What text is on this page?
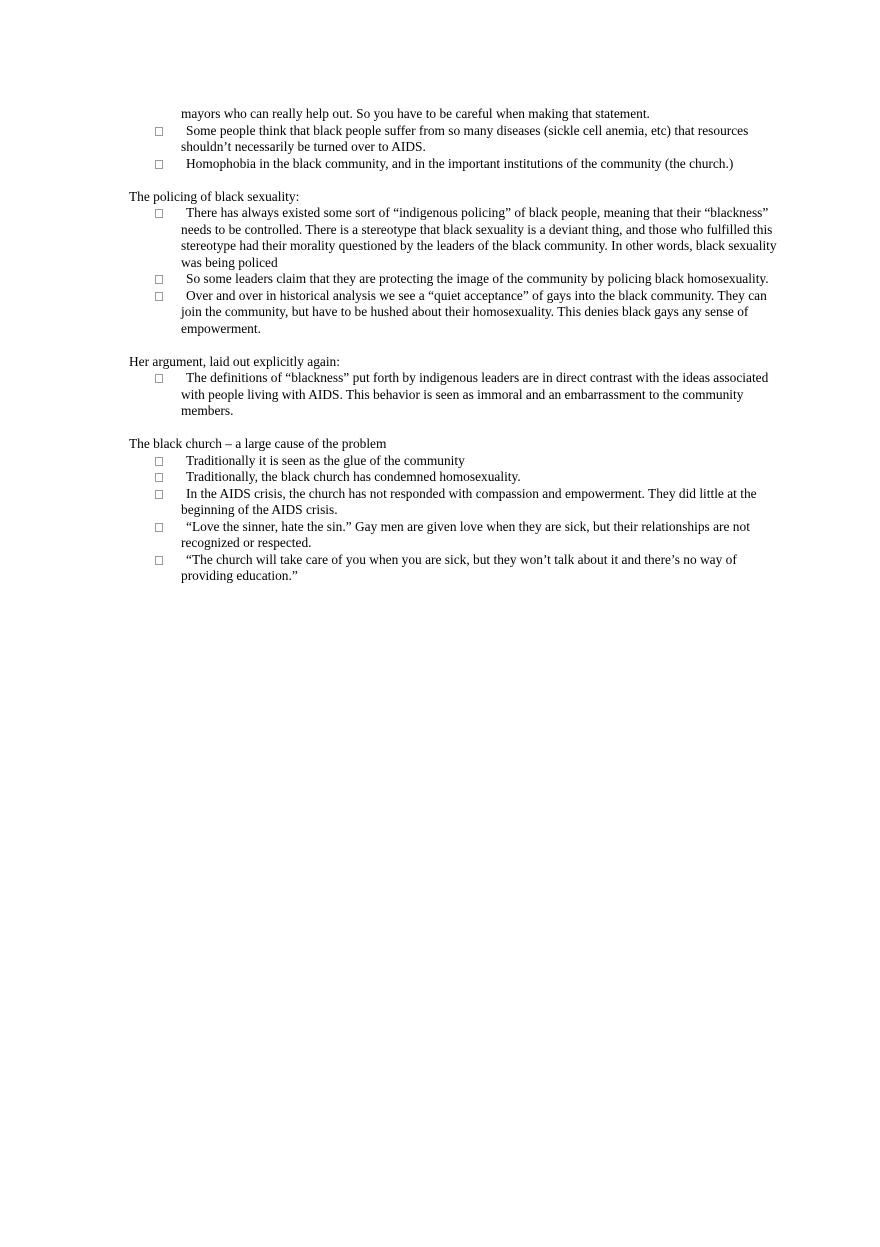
mayors who can really help out. So you have to be careful when making that statement.
Some people think that black people suffer from so many diseases (sickle cell anemia, etc) that resources shouldn’t necessarily be turned over to AIDS.
Homophobia in the black community, and in the important institutions of the community (the church.)
The policing of black sexuality:
There has always existed some sort of “indigenous policing” of black people, meaning that their “blackness” needs to be controlled. There is a stereotype that black sexuality is a deviant thing, and those who fulfilled this stereotype had their morality questioned by the leaders of the black community. In other words, black sexuality was being policed
So some leaders claim that they are protecting the image of the community by policing black homosexuality.
Over and over in historical analysis we see a “quiet acceptance” of gays into the black community. They can join the community, but have to be hushed about their homosexuality. This denies black gays any sense of empowerment.
Her argument, laid out explicitly again:
The definitions of “blackness” put forth by indigenous leaders are in direct contrast with the ideas associated with people living with AIDS. This behavior is seen as immoral and an embarrassment to the community members.
The black church – a large cause of the problem
Traditionally it is seen as the glue of the community
Traditionally, the black church has condemned homosexuality.
In the AIDS crisis, the church has not responded with compassion and empowerment. They did little at the beginning of the AIDS crisis.
“Love the sinner, hate the sin.” Gay men are given love when they are sick, but their relationships are not recognized or respected.
“The church will take care of you when you are sick, but they won’t talk about it and there’s no way of providing education.”
